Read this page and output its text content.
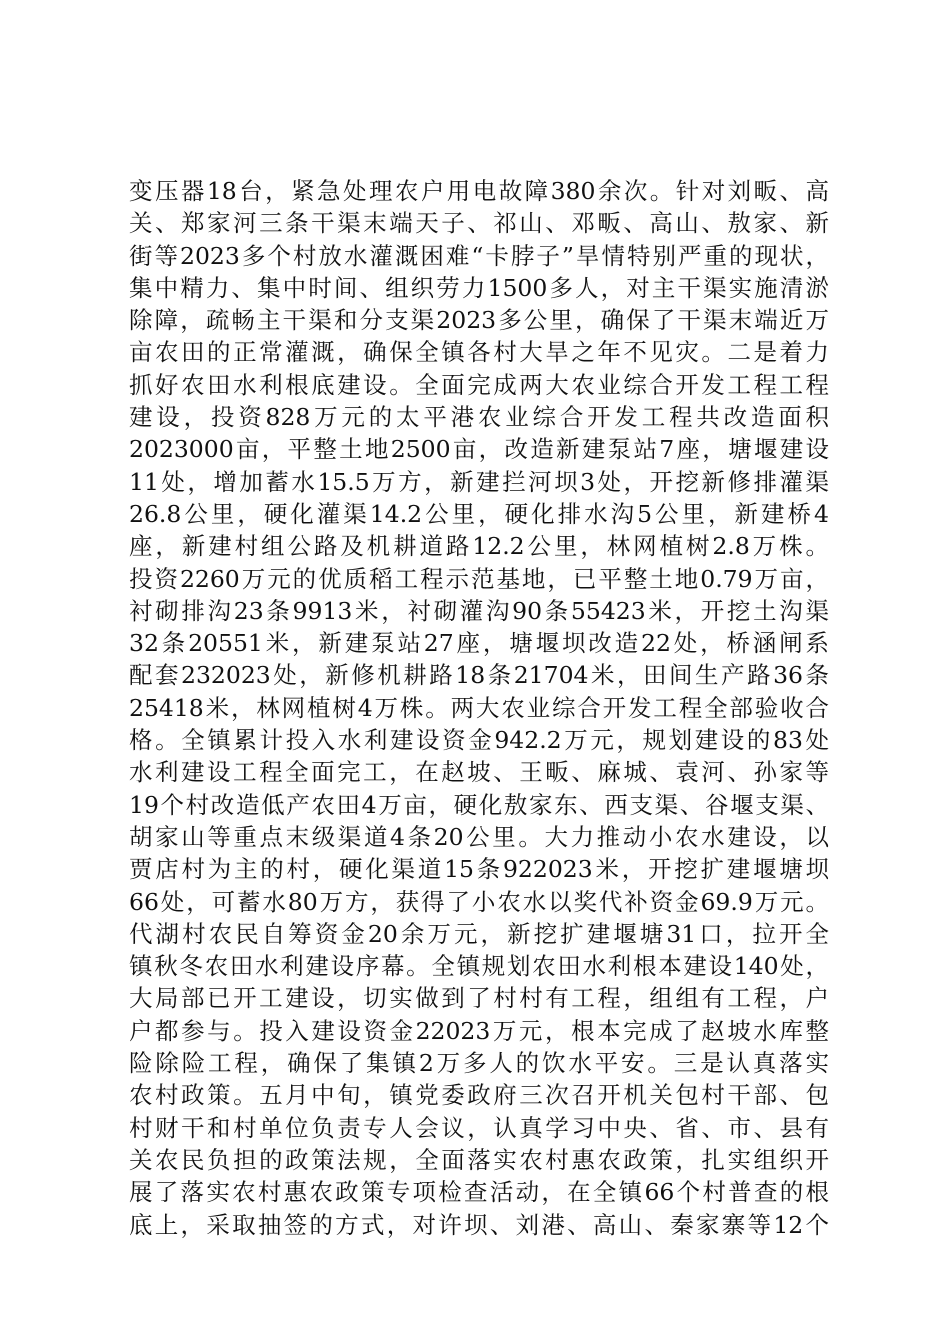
变压器18台，紧急处理农户用电故障380余次。针对刘畈、高
关、郑家河三条干渠末端天子、祁山、邓畈、高山、敖家、新
街等2023多个村放水灌溉困难“卡脖子”旱情特别严重的现状，
集中精力、集中时间、组织劳力1500多人，对主干渠实施清淤
除障，疏畅主干渠和分支渠2023多公里，确保了干渠末端近万
亩农田的正常灌溉，确保全镇各村大旱之年不见灾。二是着力
抓好农田水利根底建设。全面完成两大农业综合开发工程工程
建设，投资828万元的太平港农业综合开发工程共改造面积
2023000亩，平整土地2500亩，改造新建泵站7座，塘堰建设
11处，增加蓄水15.5万方，新建拦河坝3处，开挖新修排灌渠
26.8公里，硬化灌渠14.2公里，硬化排水沟5公里，新建桥4
座，新建村组公路及机耕道路12.2公里，林网植树2.8万株。
投资2260万元的优质稻工程示范基地，已平整土地0.79万亩，
衬砌排沟23条9913米，衬砌灌沟90条55423米，开挖土沟渠
32条20551米，新建泵站27座，塘堰坝改造22处，桥涵闸系
配套232023处，新修机耕路18条21704米，田间生产路36条
25418米，林网植树4万株。两大农业综合开发工程全部验收合
格。全镇累计投入水利建设资金942.2万元，规划建设的83处
水利建设工程全面完工，在赵坡、王畈、麻城、袁河、孙家等
19个村改造低产农田4万亩，硬化敖家东、西支渠、谷堰支渠、
胡家山等重点末级渠道4条20公里。大力推动小农水建设，以
贾店村为主的村，硬化渠道15条922023米，开挖扩建堰塘坝
66处，可蓄水80万方，获得了小农水以奖代补资金69.9万元。
代湖村农民自筹资金20余万元，新挖扩建堰塘31口，拉开全
镇秋冬农田水利建设序幕。全镇规划农田水利根本建设140处，
大局部已开工建设，切实做到了村村有工程，组组有工程，户
户都参与。投入建设资金22023万元，根本完成了赵坡水库整
险除险工程，确保了集镇2万多人的饮水平安。三是认真落实
农村政策。五月中旬，镇党委政府三次召开机关包村干部、包
村财干和村单位负责专人会议，认真学习中央、省、市、县有
关农民负担的政策法规，全面落实农村惠农政策，扎实组织开
展了落实农村惠农政策专项检查活动，在全镇66个村普查的根
底上，采取抽签的方式，对许坝、刘港、高山、秦家寨等12个
